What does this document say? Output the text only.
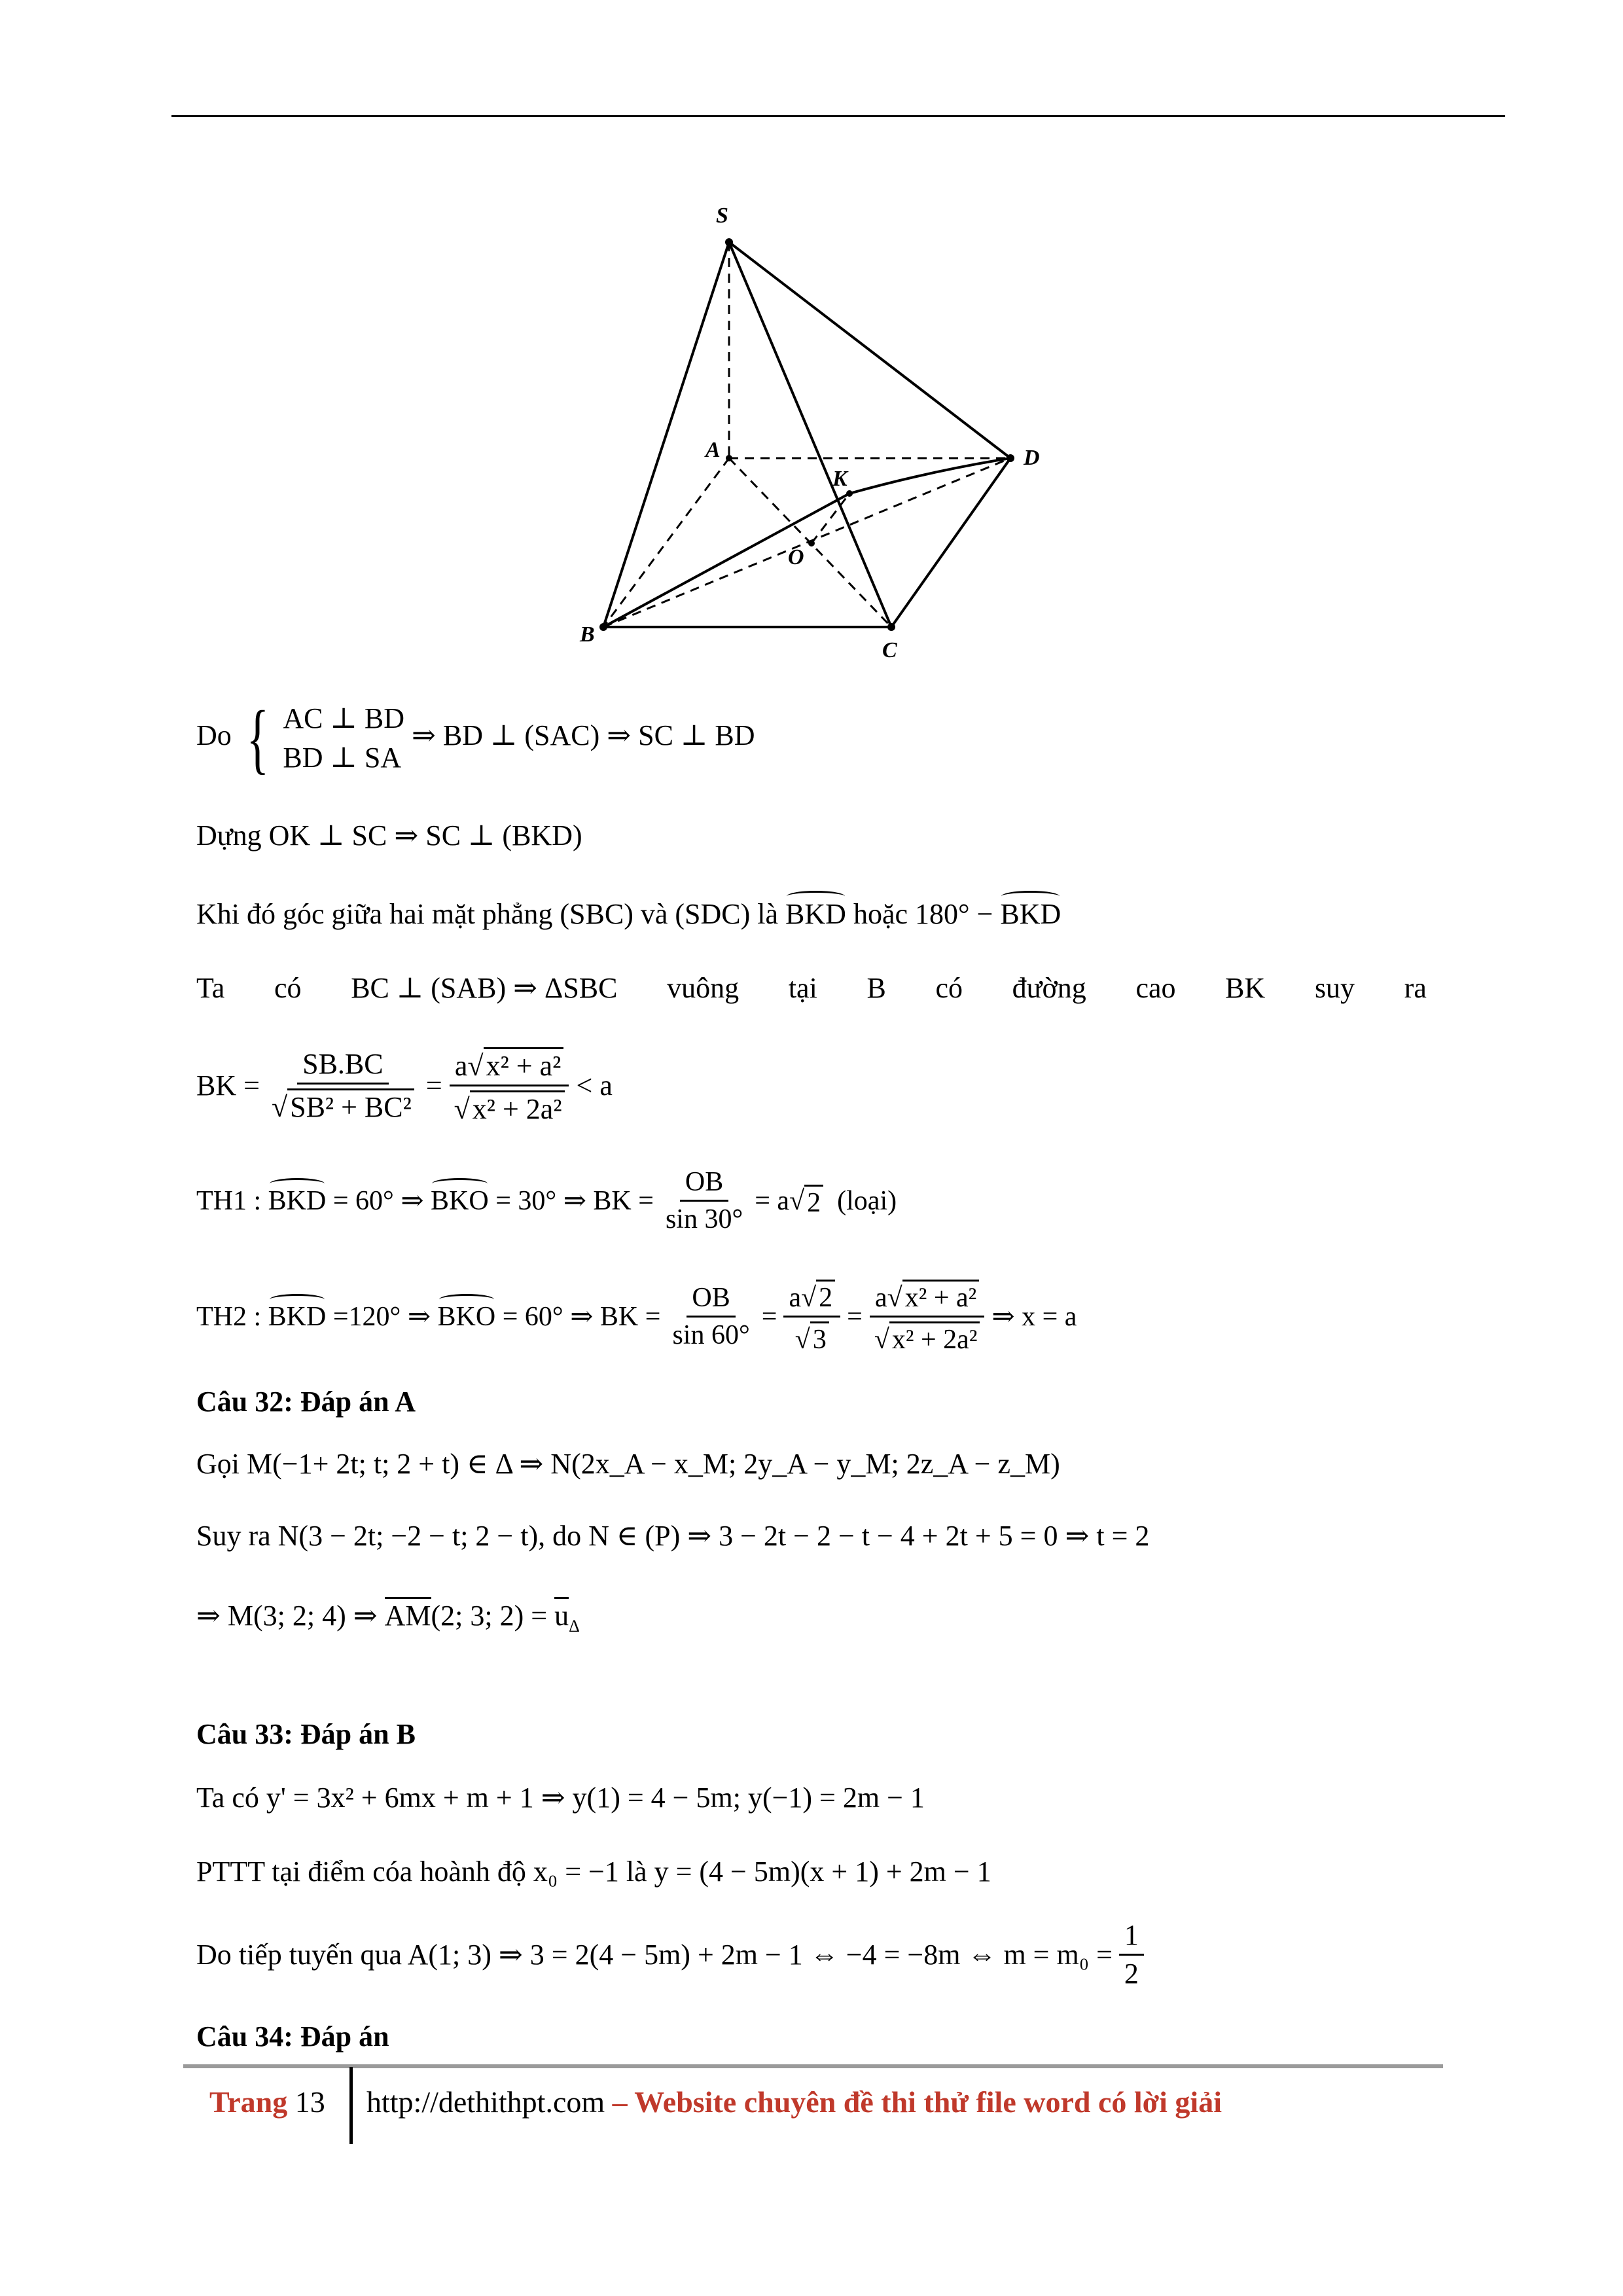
S
A	D
K
O
B
C
Do { AC ⊥ BD
BD ⊥ SA
⇒ BD ⊥ (SAC) ⇒ SC ⊥ BD
Dựng OK ⊥ SC ⇒ SC ⊥ (BKD)
Khi đó góc giữa hai mặt phẳng (SBC) và (SDC) là BKD hoặc 180° − BKD
Ta có BC ⊥ (SAB) ⇒ ΔSBC vuông tại B có đường cao BK suy ra
BK = SB.BC
√ SB² + BC² = a√ x² + a²
√ x² + 2a² < a
TH1 :
BKD
= 60° ⇒
BKO
= 30° ⇒ BK = $\frac{OB}{\sin 30^\circ} = a$
√ 2
(loại)
TH2 :
BKD
=120° ⇒
BKO
= 60° ⇒ BK = $\frac{OB}{\sin 60^\circ} = a√$ 2
√ 3 = a√ x² + a²
√ x² + 2a² ⇒ x = a
Câu 32: Đáp án A
Gọi M(−1+ 2t; t; 2 + t) ∈ Δ ⇒ N(2x_A − x_M; 2y_A − y_M; 2z_A − z_M)
Suy ra N(3 − 2t; −2 − t; 2 − t), do N ∈ (P) ⇒ 3 − 2t − 2 − t − 4 + 2t + 5 = 0 ⇒ t = 2
⇒ M(3; 2; 4) ⇒ AM(2; 3; $2) = u_\Delta$
Câu 33: Đáp án B
Ta có y' = 3x² + 6mx + m + 1 ⇒ y(1) = 4 − 5m; y(−1) = 2m − 1
PTTT tại điểm cóa hoành độ x₀ = −1 là y = (4 − 5m)(x + 1) + 2m − 1
Do tiếp tuyến qua A(1; 3) ⇒ 3 = 2(4 − 5m) + 2m − 1 ⇔ −4 = −8m ⇔ $m = m_0 = \frac{1}{2}$
Câu 34: Đáp án
Trang 13 http://dethithpt.com – Website chuyên đề thi thử file word có lời giải
